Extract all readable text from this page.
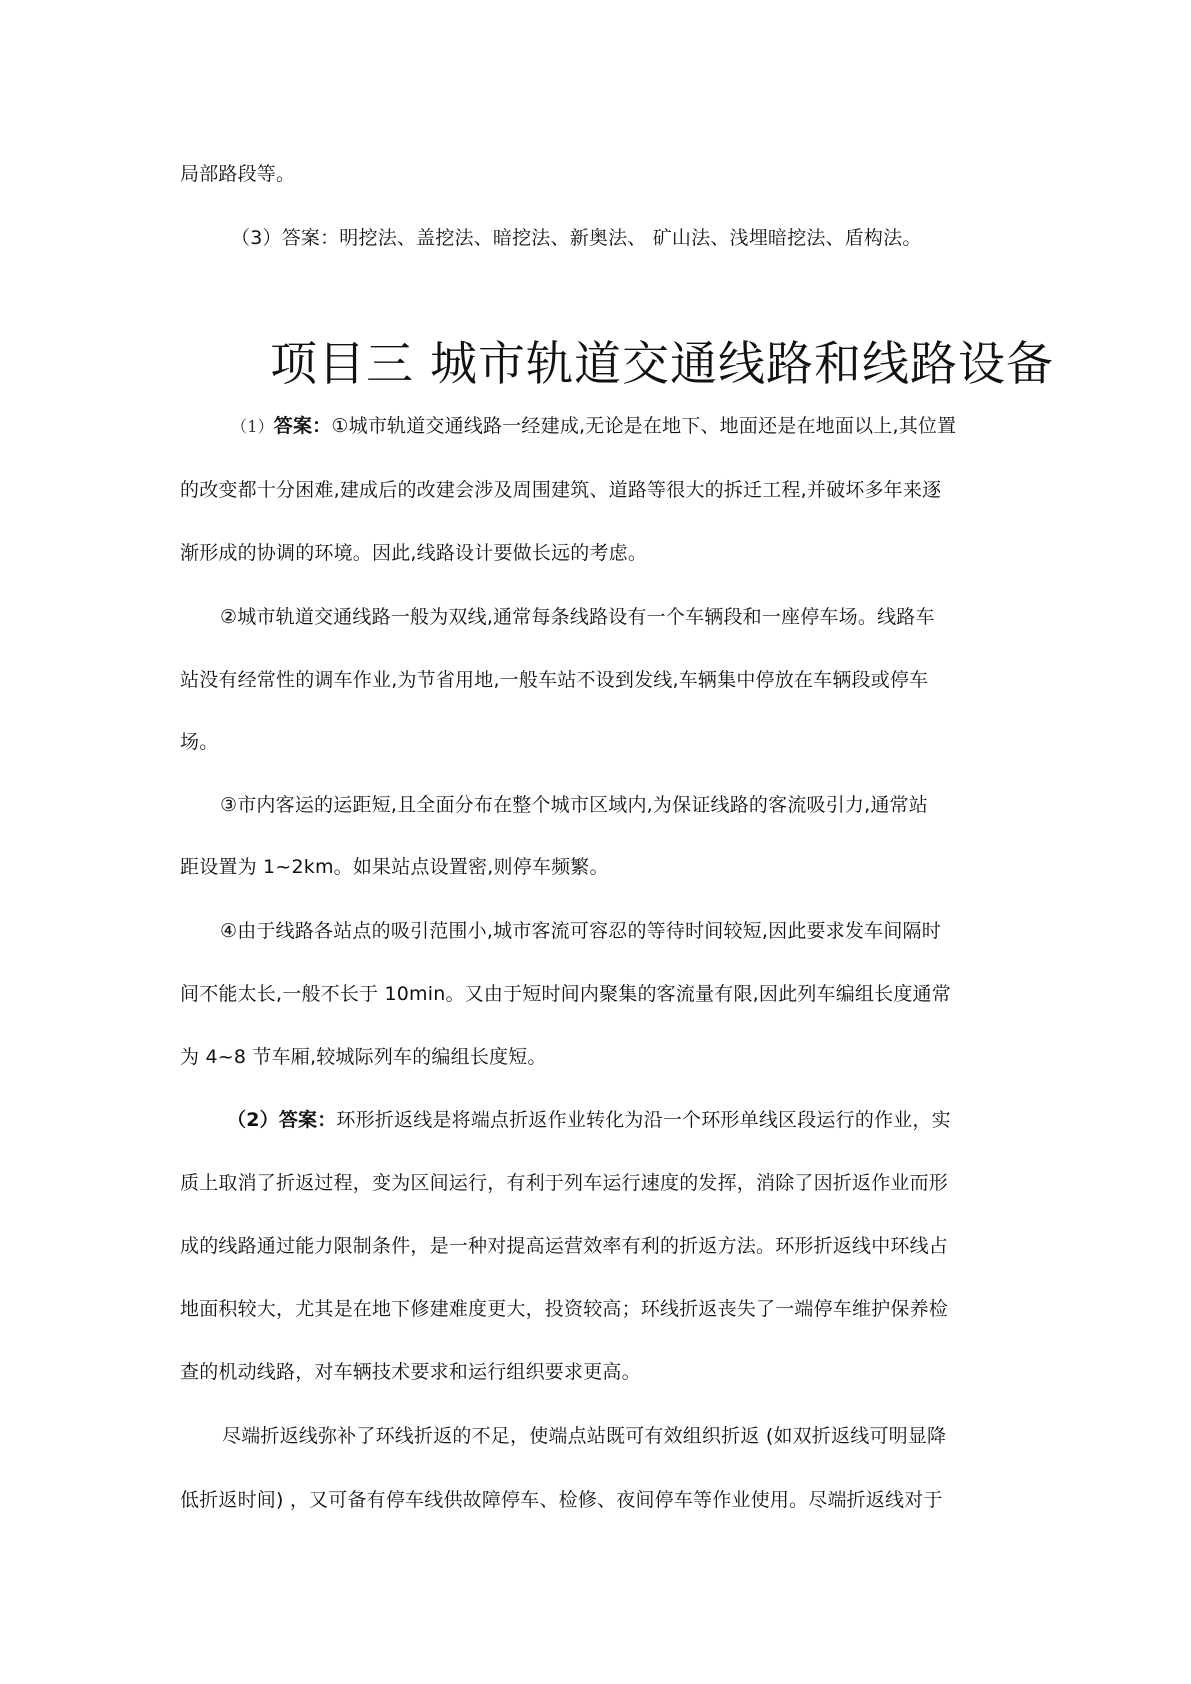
局部路段等。
（3）答案：明挖法、盖挖法、暗挖法、新奥法、 矿山法、浅埋暗挖法、盾构法。
项目三 城市轨道交通线路和线路设备
（1）答案：①城市轨道交通线路一经建成,无论是在地下、地面还是在地面以上,其位置
的改变都十分困难,建成后的改建会涉及周围建筑、道路等很大的拆迁工程,并破坏多年来逐
渐形成的协调的环境。因此,线路设计要做长远的考虑。
②城市轨道交通线路一般为双线,通常每条线路设有一个车辆段和一座停车场。线路车
站没有经常性的调车作业,为节省用地,一般车站不设到发线,车辆集中停放在车辆段或停车
场。
③市内客运的运距短,且全面分布在整个城市区域内,为保证线路的客流吸引力,通常站
距设置为 1~2km。如果站点设置密,则停车频繁。
④由于线路各站点的吸引范围小,城市客流可容忍的等待时间较短,因此要求发车间隔时
间不能太长,一般不长于 10min。又由于短时间内聚集的客流量有限,因此列车编组长度通常
为 4~8 节车厢,较城际列车的编组长度短。
（2）答案：环形折返线是将端点折返作业转化为沿一个环形单线区段运行的作业，实
质上取消了折返过程，变为区间运行，有利于列车运行速度的发挥，消除了因折返作业而形
成的线路通过能力限制条件，是一种对提高运营效率有利的折返方法。环形折返线中环线占
地面积较大，尤其是在地下修建难度更大，投资较高；环线折返丧失了一端停车维护保养检
查的机动线路，对车辆技术要求和运行组织要求更高。
尽端折返线弥补了环线折返的不足，使端点站既可有效组织折返 (如双折返线可明显降
低折返时间) ，又可备有停车线供故障停车、检修、夜间停车等作业使用。尽端折返线对于
